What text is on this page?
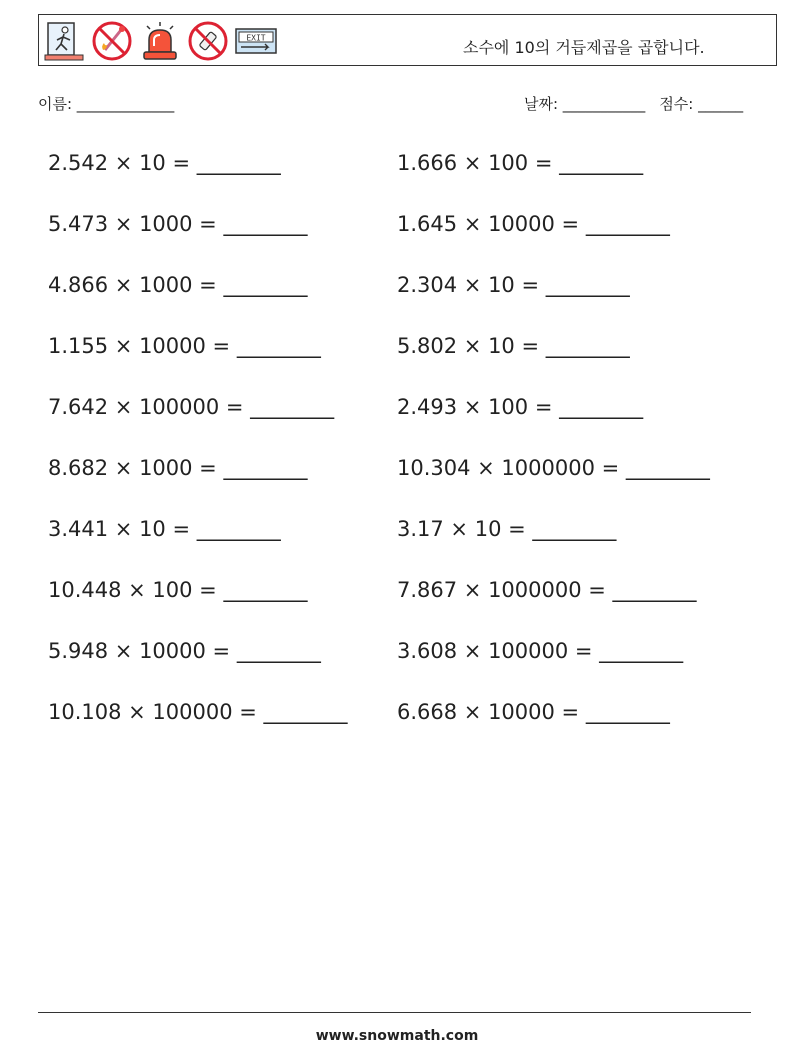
EXIT	소수에 10의 거듭제곱을 곱합니다.
이름: _____________	날짜: ___________ 점수: ______
2.542 × 10 = ________	1.666 × 100 = ________
5.473 × 1000 = ________	1.645 × 10000 = ________
4.866 × 1000 = ________	2.304 × 10 = ________
1.155 × 10000 = ________	5.802 × 10 = ________
7.642 × 100000 = ________	2.493 × 100 = ________
8.682 × 1000 = ________	10.304 × 1000000 = ________
3.441 × 10 = ________	3.17 × 10 = ________
10.448 × 100 = ________	7.867 × 1000000 = ________
5.948 × 10000 = ________	3.608 × 100000 = ________
10.108 × 100000 = ________	6.668 × 10000 = ________
www.snowmath.com
